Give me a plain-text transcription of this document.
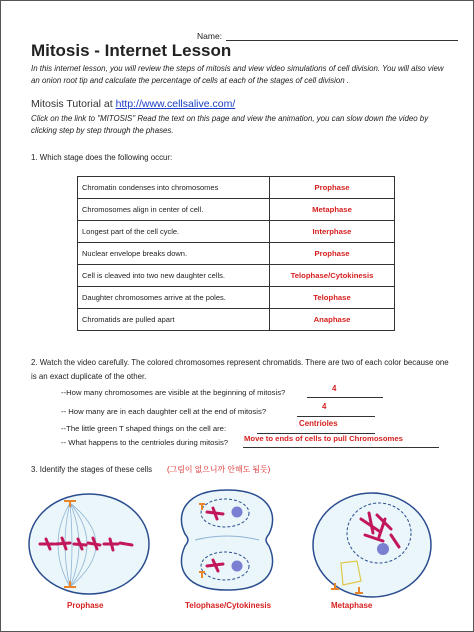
Name:
Mitosis - Internet Lesson
In this internet lesson, you will review the steps of mitosis and view video simulations of cell division. You will also view an onion root tip and calculate the percentage of cells at each of the stages of cell division .
Mitosis Tutorial at http://www.cellsalive.com/
Click on the link to "MITOSIS" Read the text on this page and view the animation, you can slow down the video by clicking step by step through the phases.
1. Which stage does the following occur:
Chromatin condenses into chromosomes	Prophase
Chromosomes align in center of cell.	Metaphase
Longest part of the cell cycle.	Interphase
Nuclear envelope breaks down.	Prophase
Cell is cleaved into two new daughter cells.	Telophase/Cytokinesis
Daughter chromosomes arrive at the poles.	Telophase
Chromatids are pulled apart	Anaphase
2. Watch the video carefully. The colored chromosomes represent chromatids. There are two of each color because one is an exact duplicate of the other.
--How many chromosomes are visible at the beginning of mitosis?	4
-- How many are in each daughter cell at the end of mitosis?
4
--The little green T shaped things on the cell are:
Centrioles
-- What happens to the centrioles during mitosis? Move to ends of cells to pull Chromosomes
3. Identify the stages of these cells (그림이 없으니까 안해도 됨듯)
Prophase	Telophase/Cytokinesis	Metaphase
